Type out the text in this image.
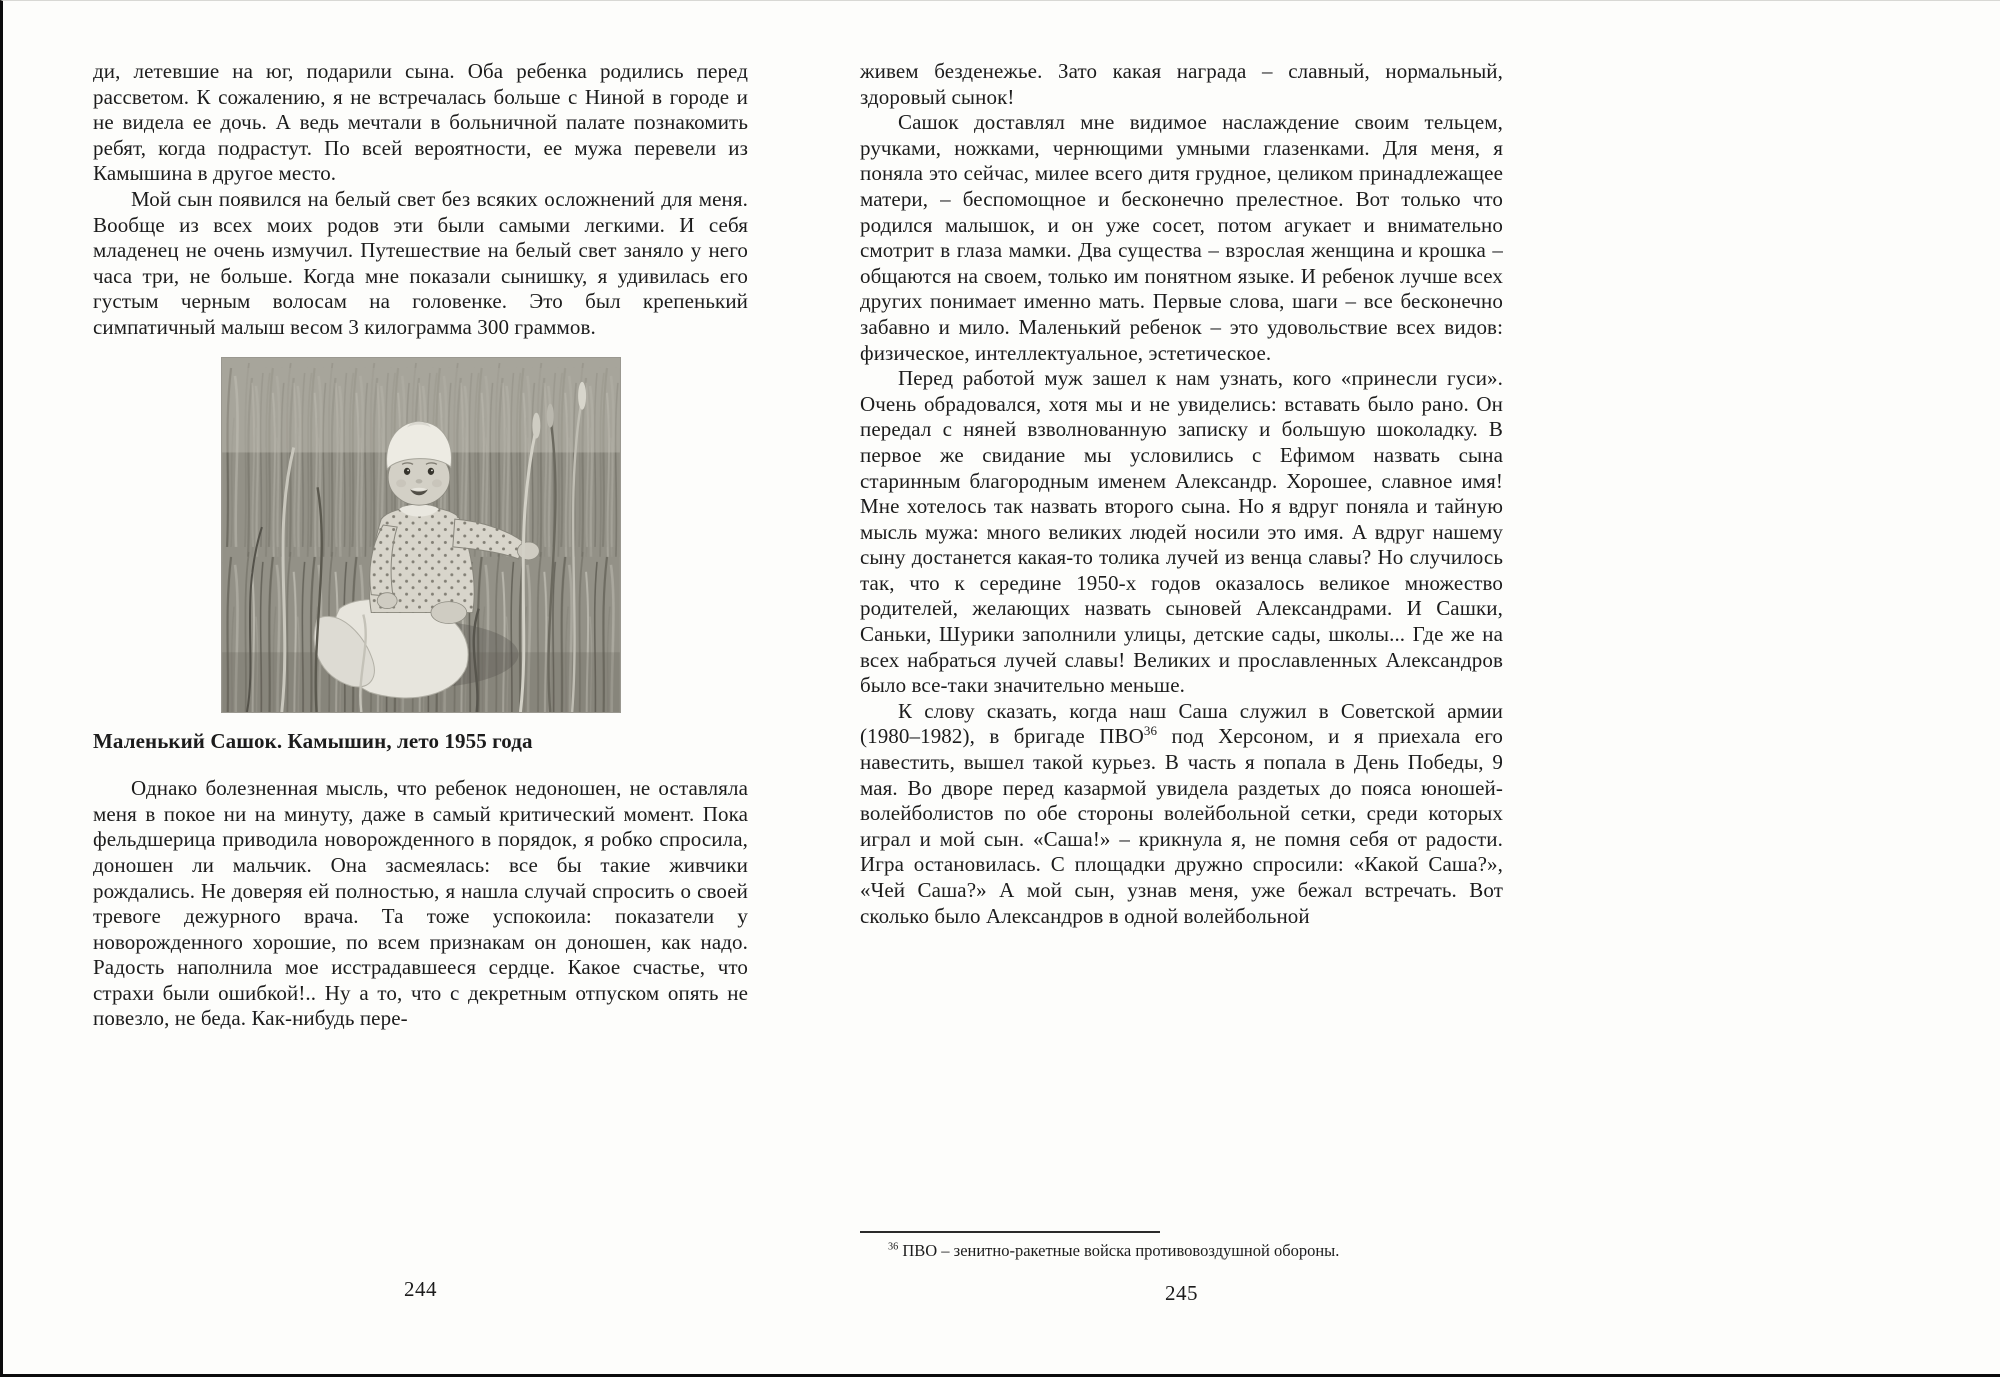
ди, летевшие на юг, подарили сына. Оба ребенка родились перед рассветом. К сожалению, я не встречалась больше с Ниной в городе и не видела ее дочь. А ведь мечтали в больничной палате познакомить ребят, когда подрастут. По всей вероятности, ее мужа перевели из Камышина в другое место.

Мой сын появился на белый свет без всяких осложнений для меня. Вообще из всех моих родов эти были самыми легкими. И себя младенец не очень измучил. Путешествие на белый свет заняло у него часа три, не больше. Когда мне показали сынишку, я удивилась его густым черным волосам на головенке. Это был крепенький симпатичный малыш весом 3 килограмма 300 граммов.

Маленький Сашок. Камышин, лето 1955 года

Однако болезненная мысль, что ребенок недоношен, не оставляла меня в покое ни на минуту, даже в самый критический момент. Пока фельдшерица приводила новорожденного в порядок, я робко спросила, доношен ли мальчик. Она засмеялась: все бы такие живчики рождались. Не доверяя ей полностью, я нашла случай спросить о своей тревоге дежурного врача. Та тоже успокоила: показатели у новорожденного хорошие, по всем признакам он доношен, как надо. Радость наполнила мое исстрадавшееся сердце. Какое счастье, что страхи были ошибкой!.. Ну а то, что с декретным отпуском опять не повезло, не беда. Как-нибудь пере-

живем безденежье. Зато какая награда – славный, нормальный, здоровый сынок!

Сашок доставлял мне видимое наслаждение своим тельцем, ручками, ножками, чернющими умными глазенками. Для меня, я поняла это сейчас, милее всего дитя грудное, целиком принадлежащее матери, – беспомощное и бесконечно прелестное. Вот только что родился малышок, и он уже сосет, потом агукает и внимательно смотрит в глаза мамки. Два существа – взрослая женщина и крошка – общаются на своем, только им понятном языке. И ребенок лучше всех других понимает именно мать. Первые слова, шаги – все бесконечно забавно и мило. Маленький ребенок – это удовольствие всех видов: физическое, интеллектуальное, эстетическое.

Перед работой муж зашел к нам узнать, кого «принесли гуси». Очень обрадовался, хотя мы и не увиделись: вставать было рано. Он передал с няней взволнованную записку и большую шоколадку. В первое же свидание мы условились с Ефимом назвать сына старинным благородным именем Александр. Хорошее, славное имя! Мне хотелось так назвать второго сына. Но я вдруг поняла и тайную мысль мужа: много великих людей носили это имя. А вдруг нашему сыну достанется какая-то толика лучей из венца славы? Но случилось так, что к середине 1950-х годов оказалось великое множество родителей, желающих назвать сыновей Александрами. И Сашки, Саньки, Шурики заполнили улицы, детские сады, школы... Где же на всех набраться лучей славы! Великих и прославленных Александров было все-таки значительно меньше.

К слову сказать, когда наш Саша служил в Советской армии (1980–1982), в бригаде ПВО$^{36}$ под Херсоном, и я приехала его навестить, вышел такой курьез. В часть я попала в День Победы, 9 мая. Во дворе перед казармой увидела раздетых до пояса юношей-волейболистов по обе стороны волейбольной сетки, среди которых играл и мой сын. «Саша!» – крикнула я, не помня себя от радости. Игра остановилась. С площадки дружно спросили: «Какой Саша?», «Чей Саша?» А мой сын, узнав меня, уже бежал встречать. Вот сколько было Александров в одной волейбольной

$^{36}$ ПВО – зенитно-ракетные войска противовоздушной обороны.

244	245
